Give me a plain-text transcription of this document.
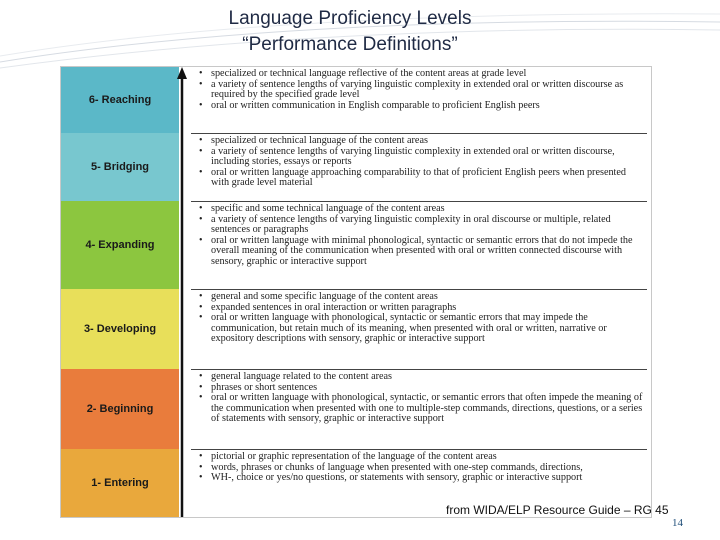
Language Proficiency Levels
“Performance Definitions”
6- Reaching
5- Bridging
4- Expanding
3- Developing
2- Beginning
1- Entering
• specialized or technical language reflective of the content areas at grade level
• a variety of sentence lengths of varying linguistic complexity in extended oral or written discourse as required by the specified grade level
• oral or written communication in English comparable to proficient English peers
• specialized or technical language of the content areas
• a variety of sentence lengths of varying linguistic complexity in extended oral or written discourse, including stories, essays or reports
• oral or written language approaching comparability to that of proficient English peers when presented with grade level material
• specific and some technical language of the content areas
• a variety of sentence lengths of varying linguistic complexity in oral discourse or multiple, related sentences or paragraphs
• oral or written language with minimal phonological, syntactic or semantic errors that do not impede the overall meaning of the communication when presented with oral or written connected discourse with sensory, graphic or interactive support
• general and some specific language of the content areas
• expanded sentences in oral interaction or written paragraphs
• oral or written language with phonological, syntactic or semantic errors that may impede the communication, but retain much of its meaning, when presented with oral or written, narrative or expository descriptions with sensory, graphic or interactive support
• general language related to the content areas
• phrases or short sentences
• oral or written language with phonological, syntactic, or semantic errors that often impede the meaning of the communication when presented with one to multiple-step commands, directions, questions, or a series of statements with sensory, graphic or interactive support
• pictorial or graphic representation of the language of the content areas
• words, phrases or chunks of language when presented with one-step commands, directions,
• WH-, choice or yes/no questions, or statements with sensory, graphic or interactive support
from WIDA/ELP Resource Guide – RG 45
14
